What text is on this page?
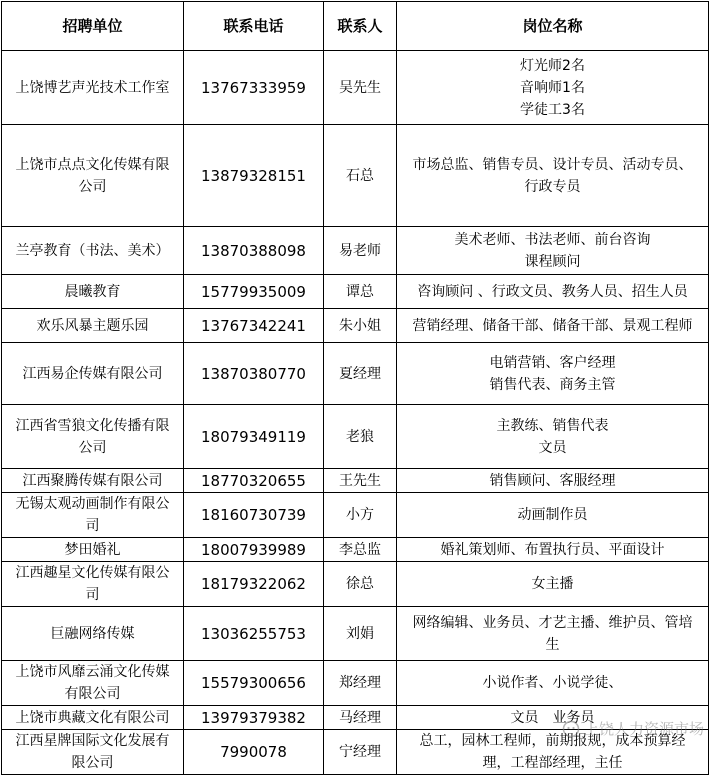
招聘单位	联系电话	联系人	岗位名称

上饶博艺声光技术工作室	13767333959	吴先生	灯光师2名
音响师1名
学徒工3名

上饶市点点文化传媒有限
公司	13879328151	石总	市场总监、销售专员、设计专员、活动专员、
行政专员

兰亭教育（书法、美术）	13870388098	易老师	美术老师、书法老师、前台咨询
课程顾问

晨曦教育	15779935009	谭总	咨询顾问 、行政文员、教务人员、招生人员

欢乐风暴主题乐园	13767342241	朱小姐	营销经理、储备干部、储备干部、景观工程师

江西易企传媒有限公司	13870380770	夏经理	电销营销、客户经理
销售代表、商务主管

江西省雪狼文化传播有限
公司	18079349119	老狼	主教练、销售代表
文员

江西聚腾传媒有限公司	18770320655	王先生	销售顾问、客服经理

无锡太观动画制作有限公
司	18160730739	小方	动画制作员

梦田婚礼	18007939989	李总监	婚礼策划师、布置执行员、平面设计

江西趣星文化传媒有限公
司	18179322062	徐总	女主播

巨融网络传媒	13036255753	刘娟	网络编辑、业务员、才艺主播、维护员、管培
生

上饶市风靡云涌文化传媒
有限公司	15579300656	郑经理	小说作者、小说学徒、

上饶市典藏文化有限公司	13979379382	马经理	文员　业务员

江西星牌国际文化发展有
限公司	7990078	宁经理	总工，园林工程师，前期报规，成本预算经
理，工程部经理，主任
上饶人力资源市场
